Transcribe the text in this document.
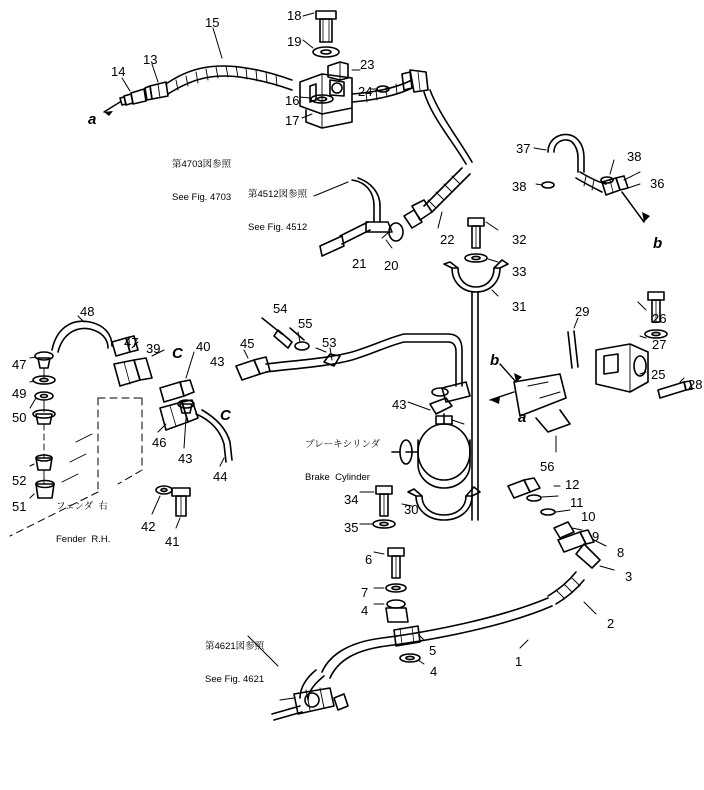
15	18
19
13
14	23
24
16
17
37
38
36
38
32
22
33
21 20
31	29	26
48	54
55
27
47 39	40 45	53
43
47
25
28
49
43
50
46
43
44
56
52	12
11
34
30	10
51
42
41
35
9
8
6
3
7
2
4
5
1
4
a
b
C
C
b
a

第4703図参照

See Fig. 4703

第4512図参照

See Fig. 4512

第4621図参照

See Fig. 4621

ブレーキシリンダ

Brake  Cylinder

フェンダ  右

Fender  R.H.
